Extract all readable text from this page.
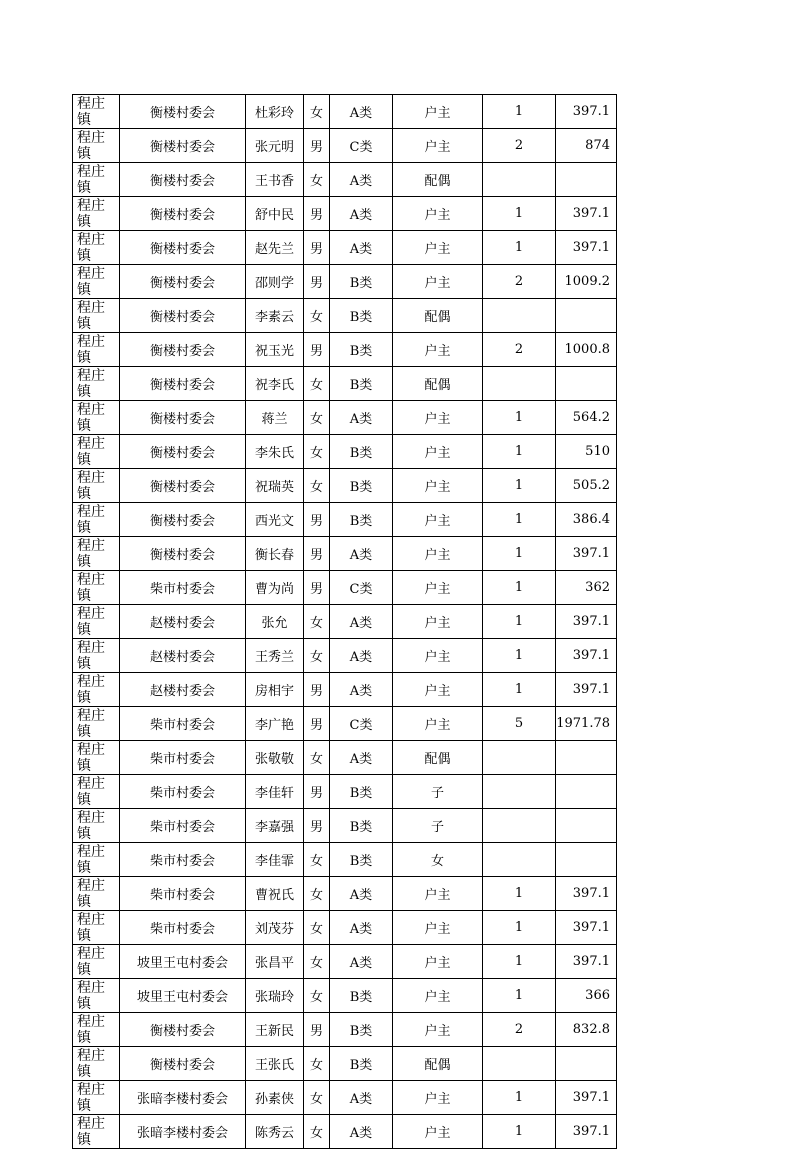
程庄镇	衡楼村委会	杜彩玲	女	A类	户主	1	397.1
程庄镇	衡楼村委会	张元明	男	C类	户主	2	874
程庄镇	衡楼村委会	王书香	女	A类	配偶		
程庄镇	衡楼村委会	舒中民	男	A类	户主	1	397.1
程庄镇	衡楼村委会	赵先兰	男	A类	户主	1	397.1
程庄镇	衡楼村委会	邵则学	男	B类	户主	2	1009.2
程庄镇	衡楼村委会	李素云	女	B类	配偶		
程庄镇	衡楼村委会	祝玉光	男	B类	户主	2	1000.8
程庄镇	衡楼村委会	祝李氏	女	B类	配偶		
程庄镇	衡楼村委会	蒋兰	女	A类	户主	1	564.2
程庄镇	衡楼村委会	李朱氏	女	B类	户主	1	510
程庄镇	衡楼村委会	祝瑞英	女	B类	户主	1	505.2
程庄镇	衡楼村委会	西光文	男	B类	户主	1	386.4
程庄镇	衡楼村委会	衡长春	男	A类	户主	1	397.1
程庄镇	柴市村委会	曹为尚	男	C类	户主	1	362
程庄镇	赵楼村委会	张允	女	A类	户主	1	397.1
程庄镇	赵楼村委会	王秀兰	女	A类	户主	1	397.1
程庄镇	赵楼村委会	房相宇	男	A类	户主	1	397.1
程庄镇	柴市村委会	李广艳	男	C类	户主	5	1971.78
程庄镇	柴市村委会	张敬敬	女	A类	配偶		
程庄镇	柴市村委会	李佳轩	男	B类	子		
程庄镇	柴市村委会	李嘉强	男	B类	子		
程庄镇	柴市村委会	李佳霏	女	B类	女		
程庄镇	柴市村委会	曹祝氏	女	A类	户主	1	397.1
程庄镇	柴市村委会	刘茂芬	女	A类	户主	1	397.1
程庄镇	坡里王屯村委会	张昌平	女	A类	户主	1	397.1
程庄镇	坡里王屯村委会	张瑞玲	女	B类	户主	1	366
程庄镇	衡楼村委会	王新民	男	B类	户主	2	832.8
程庄镇	衡楼村委会	王张氏	女	B类	配偶		
程庄镇	张暗李楼村委会	孙素侠	女	A类	户主	1	397.1
程庄镇	张暗李楼村委会	陈秀云	女	A类	户主	1	397.1
